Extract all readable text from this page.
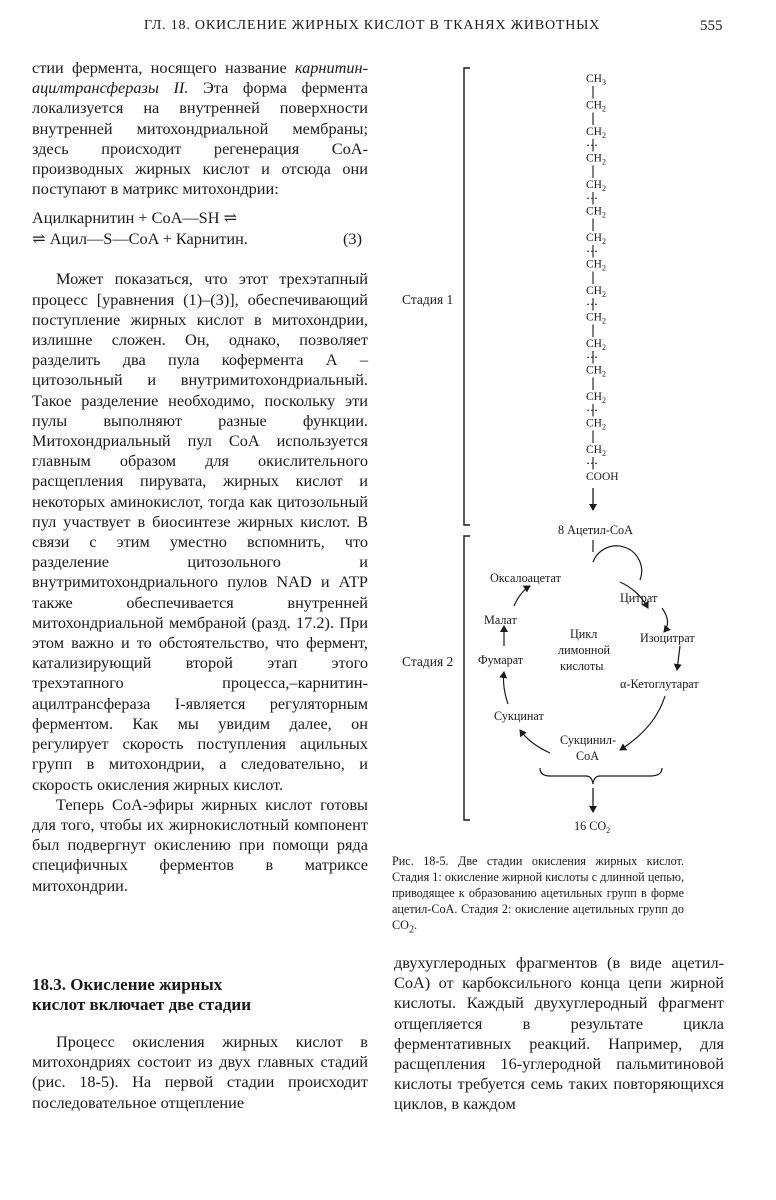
ГЛ. 18. ОКИСЛЕНИЕ ЖИРНЫХ КИСЛОТ В ТКАНЯХ ЖИВОТНЫХ	555

стии фермента, носящего название карнитин-ацилтрансферазы II. Эта форма фермента локализуется на внутренней поверхности внутренней митохондриальной мембраны; здесь происходит регенерация СоА-производных жирных кислот и отсюда они поступают в матрикс митохондрии:

Ацилкарнитин + CoA—SH ⇌
⇌ Ацил—S—CoA + Карнитин.	(3)

Может показаться, что этот трехэтапный процесс [уравнения (1)–(3)], обеспечивающий поступление жирных кислот в митохондрии, излишне сложен. Он, однако, позволяет разделить два пула кофермента А – цитозольный и внутримитохондриальный. Такое разделение необходимо, поскольку эти пулы выполняют разные функции. Митохондриальный пул СоА используется главным образом для окислительного расщепления пирувата, жирных кислот и некоторых аминокислот, тогда как цитозольный пул участвует в биосинтезе жирных кислот. В связи с этим уместно вспомнить, что разделение цитозольного и внутримитохондриального пулов NAD и АТР также обеспечивается внутренней митохондриальной мембраной (разд. 17.2). При этом важно и то обстоятельство, что фермент, катализирующий второй этап этого трехэтапного процесса,–карнитин-ацилтрансфераза I-является регуляторным ферментом. Как мы увидим далее, он регулирует скорость поступления ацильных групп в митохондрии, а следовательно, и скорость окисления жирных кислот.

Теперь СоА-эфиры жирных кислот готовы для того, чтобы их жирнокислотный компонент был подвергнут окислению при помощи ряда специфичных ферментов в матриксе митохондрии.

18.3. Окисление жирных
кислот включает две стадии
Процесс окисления жирных кислот в митохондриях состоит из двух главных стадий (рис. 18-5). На первой стадии происходит последовательное отщепление
двухуглеродных фрагментов (в виде ацетил-СоА) от карбоксильного конца цепи жирной кислоты. Каждый двухуглеродный фрагмент отщепляется в результате цикла ферментативных реакций. Например, для расщепления 16-углеродной пальмитиновой кислоты требуется семь таких повторяющихся циклов, в каждом
Стадия 1
Стадия 2
$CH_3$
$CH_2$
$CH_2$
$CH_2$
$CH_2$
$CH_2$
$CH_2$
$CH_2$
$CH_2$
$CH_2$
$CH_2$
$CH_2$
$CH_2$
$CH_2$
$CH_2$
COOH
8 Ацетил-СоА
Оксалоацетат
Цитрат
Изоцитрат
α-Кетоглутарат
Сукцинил-
СоА
Сукцинат
Фумарат
Малат
Цикл
лимонной
кислоты
16 $CO_2$
Рис. 18-5. Две стадии окисления жирных кислот. Стадия 1: окисление жирной кислоты с длинной цепью, приводящее к образованию ацетильных групп в форме ацетил-СоА. Стадия 2: окисление ацетильных групп до $CO_2$.
